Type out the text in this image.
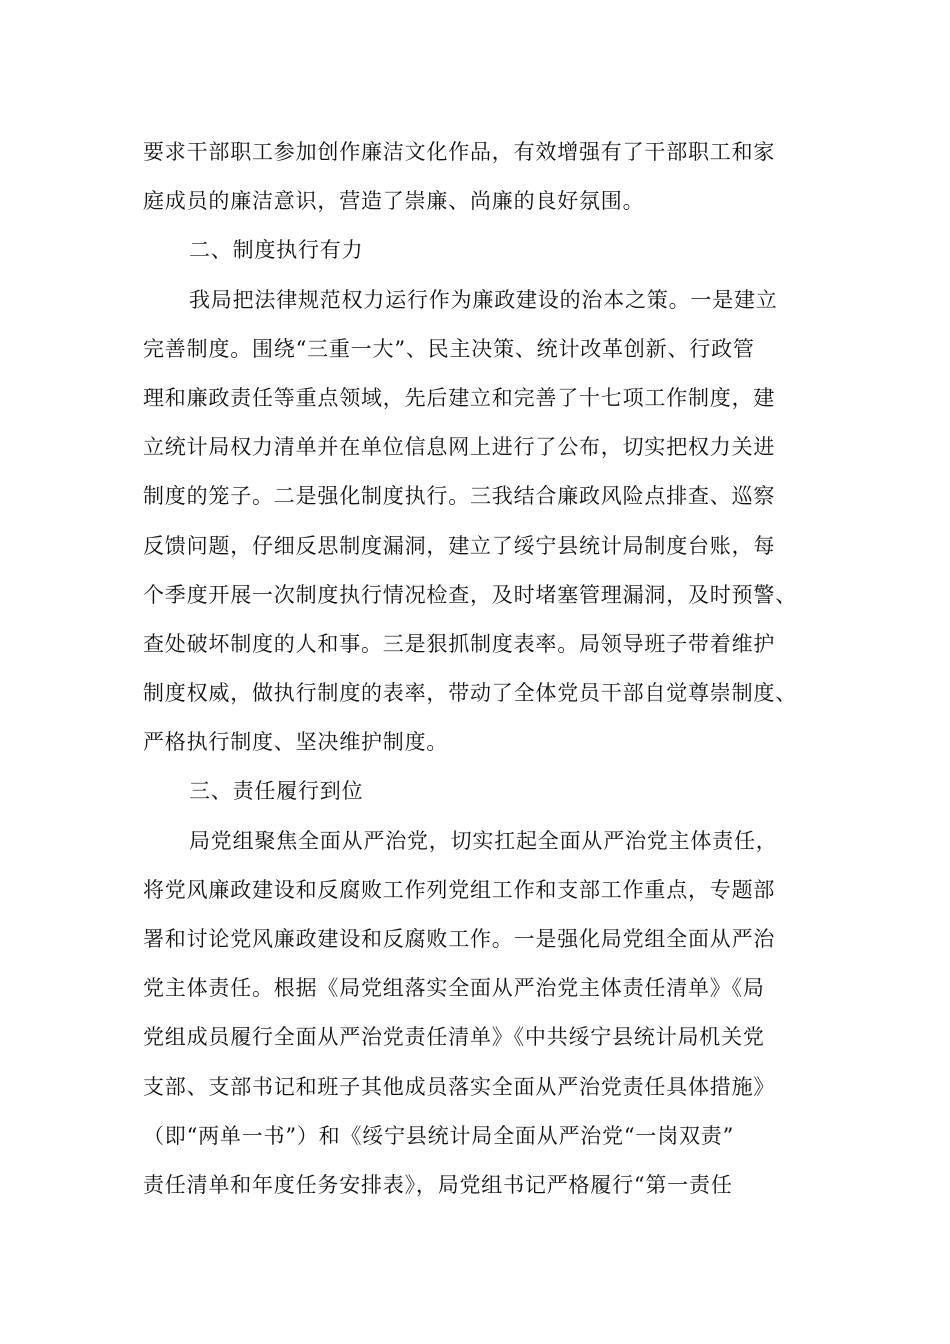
要求干部职工参加创作廉洁文化作品，有效增强有了干部职工和家
庭成员的廉洁意识，营造了崇廉、尚廉的良好氛围。
二、制度执行有力
我局把法律规范权力运行作为廉政建设的治本之策。一是建立
完善制度。围绕“三重一大”、民主决策、统计改革创新、行政管
理和廉政责任等重点领域，先后建立和完善了十七项工作制度，建
立统计局权力清单并在单位信息网上进行了公布，切实把权力关进
制度的笼子。二是强化制度执行。三我结合廉政风险点排查、巡察
反馈问题，仔细反思制度漏洞，建立了绥宁县统计局制度台账，每
个季度开展一次制度执行情况检查，及时堵塞管理漏洞，及时预警、
查处破坏制度的人和事。三是狠抓制度表率。局领导班子带着维护
制度权威，做执行制度的表率，带动了全体党员干部自觉尊崇制度、
严格执行制度、坚决维护制度。
三、责任履行到位
局党组聚焦全面从严治党，切实扛起全面从严治党主体责任，
将党风廉政建设和反腐败工作列党组工作和支部工作重点，专题部
署和讨论党风廉政建设和反腐败工作。一是强化局党组全面从严治
党主体责任。根据《局党组落实全面从严治党主体责任清单》《局
党组成员履行全面从严治党责任清单》《中共绥宁县统计局机关党
支部、支部书记和班子其他成员落实全面从严治党责任具体措施》
（即“两单一书”）和《绥宁县统计局全面从严治党“一岗双责”
责任清单和年度任务安排表》，局党组书记严格履行“第一责任
